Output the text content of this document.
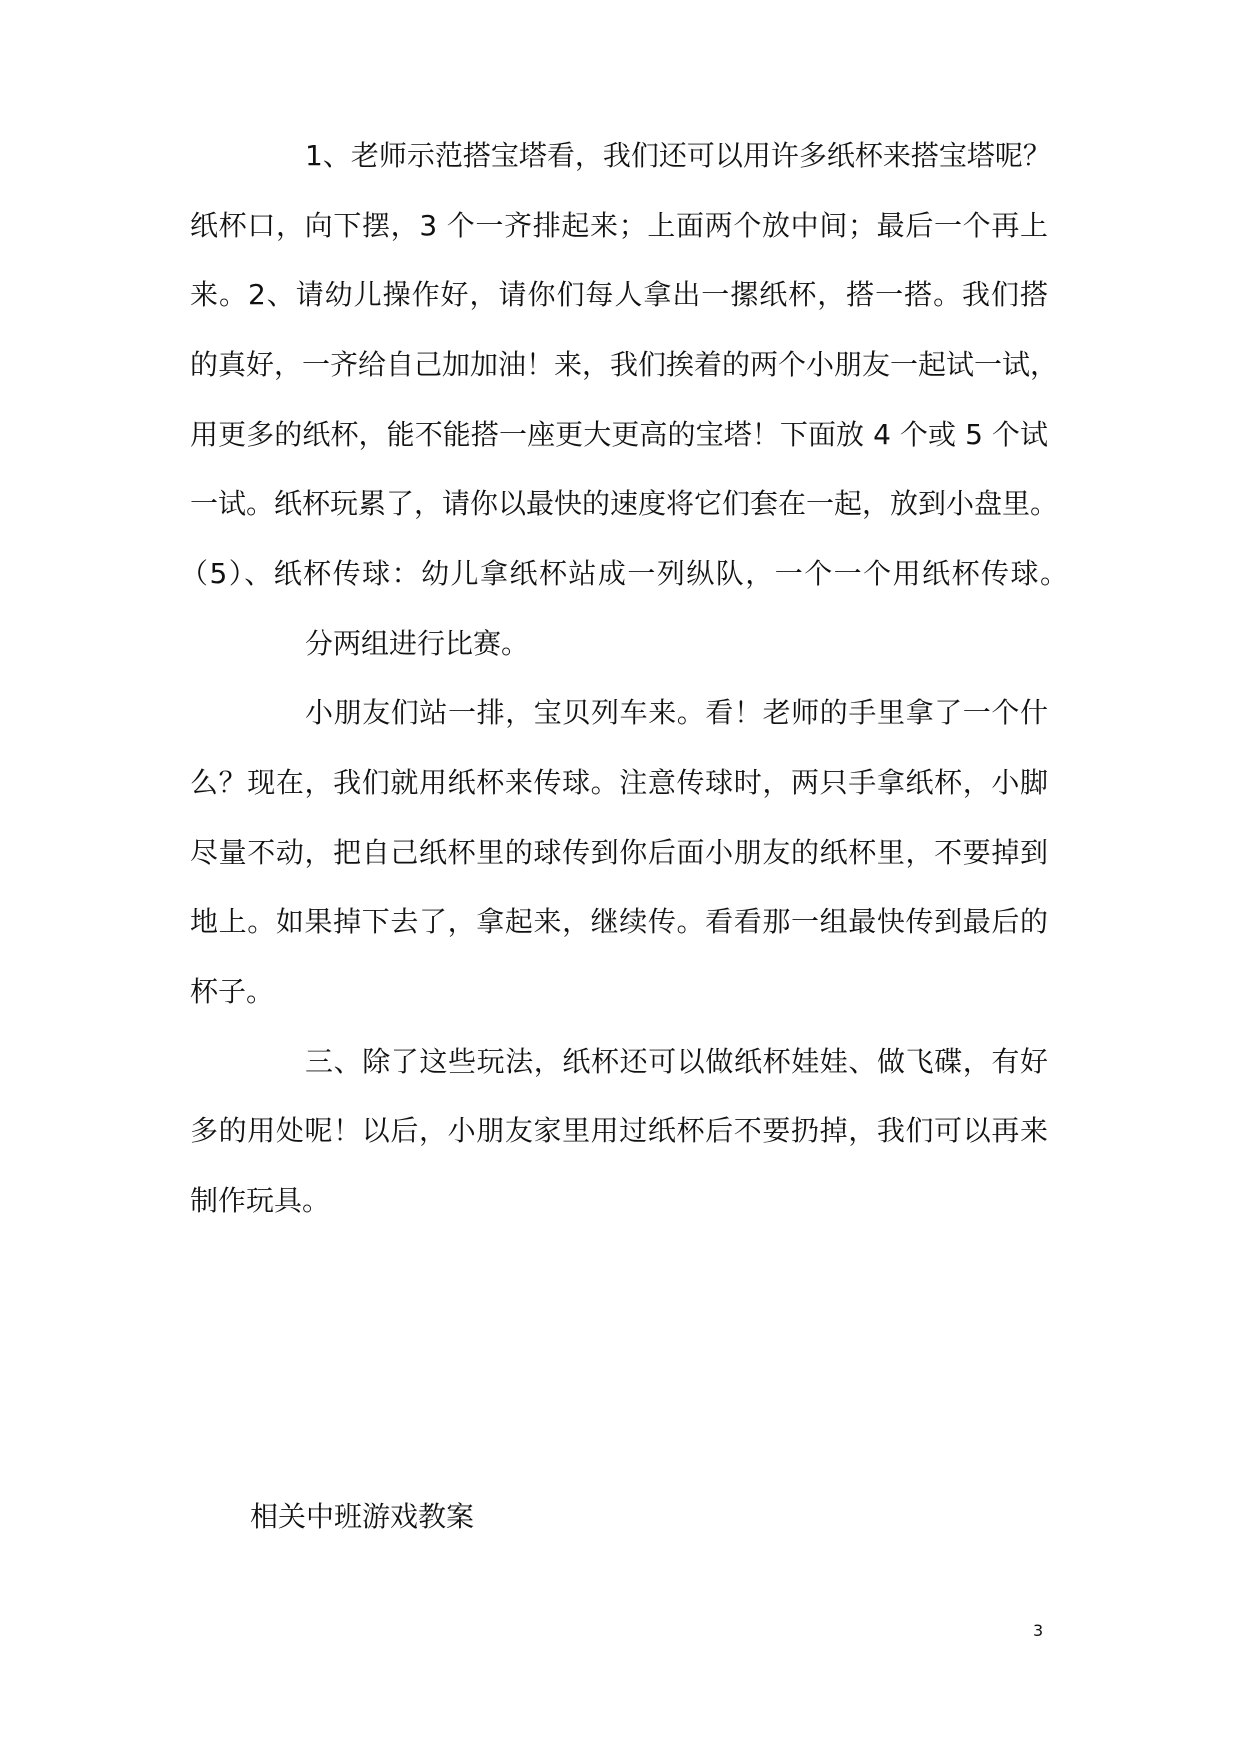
1、老师示范搭宝塔看，我们还可以用许多纸杯来搭宝塔呢？
纸杯口，向下摆，3 个一齐排起来；上面两个放中间；最后一个再上
来。2、请幼儿操作好，请你们每人拿出一摞纸杯，搭一搭。我们搭
的真好，一齐给自己加加油！来，我们挨着的两个小朋友一起试一试，
用更多的纸杯，能不能搭一座更大更高的宝塔！下面放 4 个或 5 个试
一试。纸杯玩累了，请你以最快的速度将它们套在一起，放到小盘里。
（5）、纸杯传球：幼儿拿纸杯站成一列纵队，一个一个用纸杯传球。
分两组进行比赛。
小朋友们站一排，宝贝列车来。看！老师的手里拿了一个什
么？现在，我们就用纸杯来传球。注意传球时，两只手拿纸杯，小脚
尽量不动，把自己纸杯里的球传到你后面小朋友的纸杯里，不要掉到
地上。如果掉下去了，拿起来，继续传。看看那一组最快传到最后的
杯子。
三、除了这些玩法，纸杯还可以做纸杯娃娃、做飞碟，有好
多的用处呢！以后，小朋友家里用过纸杯后不要扔掉，我们可以再来
制作玩具。
相关中班游戏教案
3
